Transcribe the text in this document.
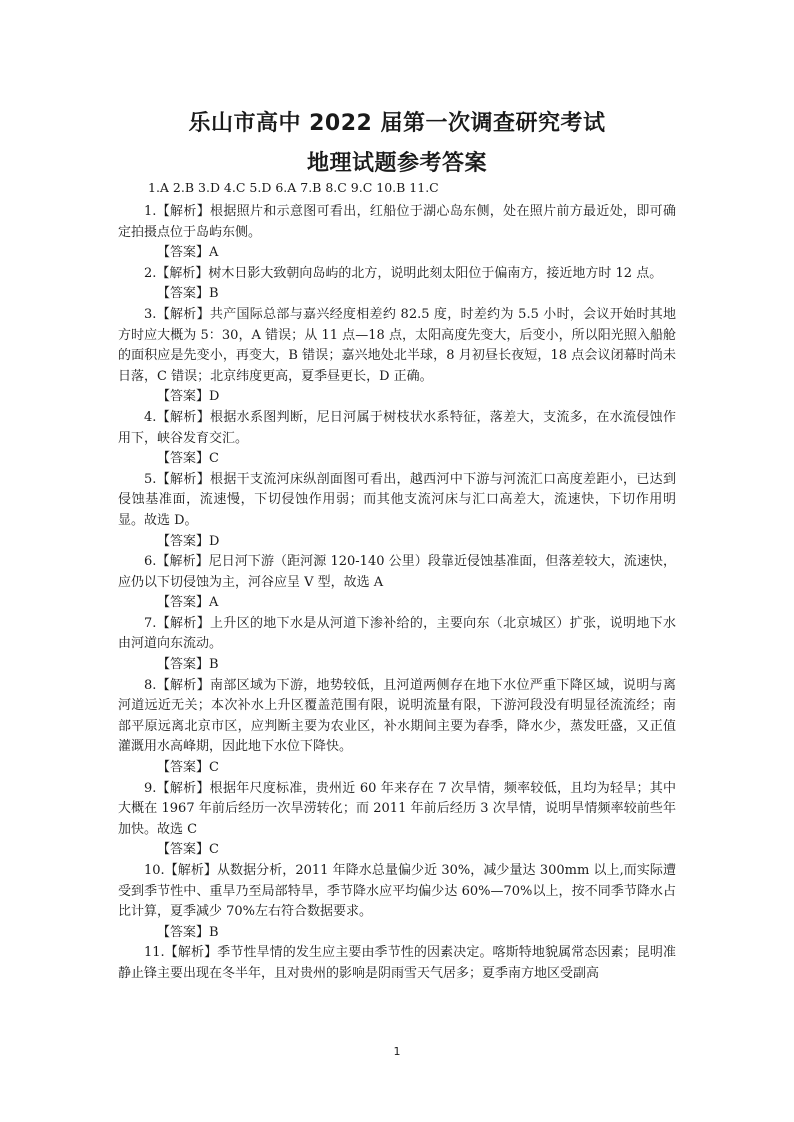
乐山市高中 2022 届第一次调查研究考试
地理试题参考答案
1.A 2.B 3.D 4.C 5.D 6.A 7.B 8.C 9.C 10.B 11.C

1.【解析】根据照片和示意图可看出，红船位于湖心岛东侧，处在照片前方最近处，即可确定拍摄点位于岛屿东侧。

【答案】A

2.【解析】树木日影大致朝向岛屿的北方，说明此刻太阳位于偏南方，接近地方时 12 点。

【答案】B

3.【解析】共产国际总部与嘉兴经度相差约 82.5 度，时差约为 5.5 小时，会议开始时其地方时应大概为 5：30，A 错误；从 11 点—18 点，太阳高度先变大，后变小，所以阳光照入船舱的面积应是先变小，再变大，B 错误；嘉兴地处北半球，8 月初昼长夜短，18 点会议闭幕时尚未日落，C 错误；北京纬度更高，夏季昼更长，D 正确。

【答案】D

4.【解析】根据水系图判断，尼日河属于树枝状水系特征，落差大，支流多，在水流侵蚀作用下，峡谷发育交汇。

【答案】C

5.【解析】根据干支流河床纵剖面图可看出，越西河中下游与河流汇口高度差距小，已达到侵蚀基准面，流速慢，下切侵蚀作用弱；而其他支流河床与汇口高差大，流速快，下切作用明显。故选 D。

【答案】D

6.【解析】尼日河下游（距河源 120-140 公里）段靠近侵蚀基准面，但落差较大，流速快，应仍以下切侵蚀为主，河谷应呈 V 型，故选 A

【答案】A

7.【解析】上升区的地下水是从河道下渗补给的，主要向东（北京城区）扩张，说明地下水由河道向东流动。

【答案】B

8.【解析】南部区域为下游，地势较低，且河道两侧存在地下水位严重下降区域，说明与离河道远近无关；本次补水上升区覆盖范围有限，说明流量有限，下游河段没有明显径流流经；南部平原远离北京市区，应判断主要为农业区，补水期间主要为春季，降水少，蒸发旺盛，又正值灌溉用水高峰期，因此地下水位下降快。

【答案】C

9.【解析】根据年尺度标准，贵州近 60 年来存在 7 次旱情，频率较低，且均为轻旱；其中大概在 1967 年前后经历一次旱涝转化；而 2011 年前后经历 3 次旱情，说明旱情频率较前些年加快。故选 C

【答案】C

10.【解析】从数据分析，2011 年降水总量偏少近 30%，减少量达 300mm 以上,而实际遭受到季节性中、重旱乃至局部特旱，季节降水应平均偏少达 60%—70%以上，按不同季节降水占比计算，夏季减少 70%左右符合数据要求。

【答案】B

11.【解析】季节性旱情的发生应主要由季节性的因素决定。喀斯特地貌属常态因素；昆明准静止锋主要出现在冬半年，且对贵州的影响是阴雨雪天气居多；夏季南方地区受副高

1
